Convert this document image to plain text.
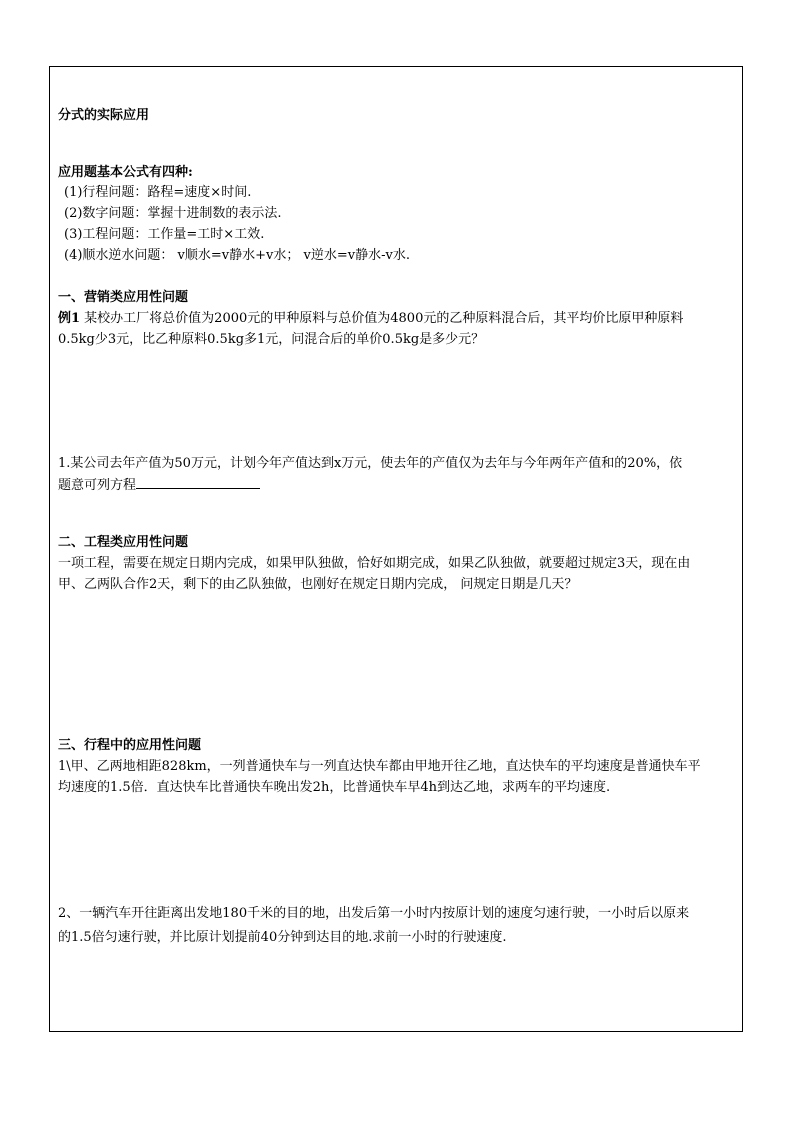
分式的实际应用
应用题基本公式有四种:
(1)行程问题：路程=速度×时间.
(2)数字问题：掌握十进制数的表示法.
(3)工程问题：工作量=工时×工效.
(4)顺水逆水问题： v顺水=v静水+v水； v逆水=v静水-v水.
一、营销类应用性问题
例1 某校办工厂将总价值为2000元的甲种原料与总价值为4800元的乙种原料混合后，其平均价比原甲种原料
0.5kg少3元，比乙种原料0.5kg多1元，问混合后的单价0.5kg是多少元？
1.某公司去年产值为50万元，计划今年产值达到x万元，使去年的产值仅为去年与今年两年产值和的20%，依
题意可列方程
二、工程类应用性问题
一项工程，需要在规定日期内完成，如果甲队独做，恰好如期完成，如果乙队独做，就要超过规定3天，现在由
甲、乙两队合作2天，剩下的由乙队独做，也刚好在规定日期内完成， 问规定日期是几天？
三、行程中的应用性问题
1\甲、乙两地相距828km，一列普通快车与一列直达快车都由甲地开往乙地，直达快车的平均速度是普通快车平
均速度的1.5倍．直达快车比普通快车晚出发2h，比普通快车早4h到达乙地，求两车的平均速度.
2、一辆汽车开往距离出发地180千米的目的地，出发后第一小时内按原计划的速度匀速行驶，一小时后以原来
的1.5倍匀速行驶，并比原计划提前40分钟到达目的地.求前一小时的行驶速度.
